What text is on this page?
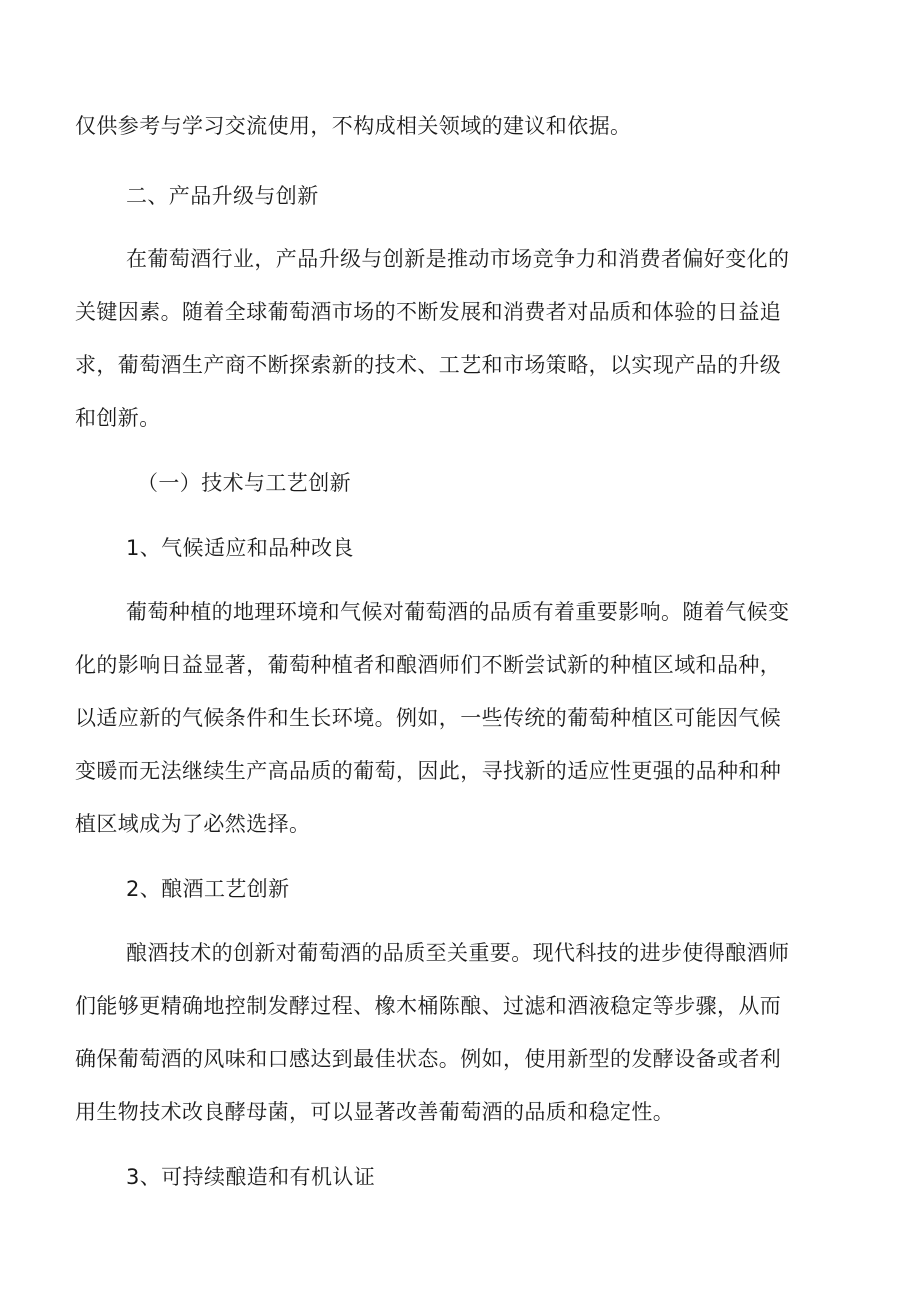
仅供参考与学习交流使用，不构成相关领域的建议和依据。
二、产品升级与创新
在葡萄酒行业，产品升级与创新是推动市场竞争力和消费者偏好变化的
关键因素。随着全球葡萄酒市场的不断发展和消费者对品质和体验的日益追
求，葡萄酒生产商不断探索新的技术、工艺和市场策略，以实现产品的升级
和创新。
（一）技术与工艺创新
1、气候适应和品种改良
葡萄种植的地理环境和气候对葡萄酒的品质有着重要影响。随着气候变
化的影响日益显著，葡萄种植者和酿酒师们不断尝试新的种植区域和品种，
以适应新的气候条件和生长环境。例如，一些传统的葡萄种植区可能因气候
变暖而无法继续生产高品质的葡萄，因此，寻找新的适应性更强的品种和种
植区域成为了必然选择。
2、酿酒工艺创新
酿酒技术的创新对葡萄酒的品质至关重要。现代科技的进步使得酿酒师
们能够更精确地控制发酵过程、橡木桶陈酿、过滤和酒液稳定等步骤，从而
确保葡萄酒的风味和口感达到最佳状态。例如，使用新型的发酵设备或者利
用生物技术改良酵母菌，可以显著改善葡萄酒的品质和稳定性。
3、可持续酿造和有机认证
